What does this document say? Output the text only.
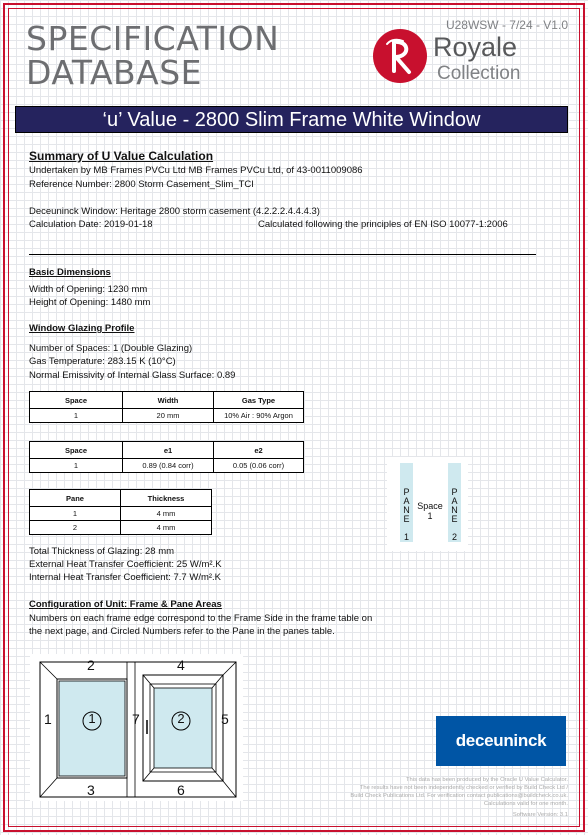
SPECIFICATION
DATABASE
U28WSW - 7/24 - V1.0
Royale
Collection
‘u’ Value - 2800 Slim Frame White Window
Summary of U Value Calculation
Undertaken by MB Frames PVCu Ltd MB Frames PVCu Ltd, of 43-0011009086
Reference Number: 2800 Storm Casement_Slim_TCI
Deceuninck Window: Heritage 2800 storm casement (4.2.2.2.4.4.4.3)
Calculation Date: 2019-01-18	Calculated following the principles of EN ISO 10077-1:2006
Basic Dimensions
Width of Opening: 1230 mm
Height of Opening: 1480 mm
Window Glazing Profile
Number of Spaces: 1 (Double Glazing)
Gas Temperature: 283.15 K (10°C)
Normal Emissivity of Internal Glass Surface: 0.89
Space	Width	Gas Type
1	20 mm	10% Air : 90% Argon
Space	e1	e2
1	0.89 (0.84 corr)	0.05 (0.06 corr)
Pane	Thickness
1	4 mm
2	4 mm
Total Thickness of Glazing: 28 mm
External Heat Transfer Coefficient: 25 W/m².K
Internal Heat Transfer Coefficient: 7.7 W/m².K
P
A
N
E

1
Space
1
P
A
N
E

2
Configuration of Unit: Frame & Pane Areas
Numbers on each frame edge correspond to the Frame Side in the frame table on
the next page, and Circled Numbers refer to the Pane in the panes table.
2	4
1	7	5
3	6
1	2
deceuninck
This data has been produced by the Oracle U Value Calculator.
The results have not been independently checked or verified by Build Check Ltd /
Build Check Publications Ltd. For verification contact publications@buildcheck.co.uk.
Calculations valid for one month.
Software Version: 3.1
